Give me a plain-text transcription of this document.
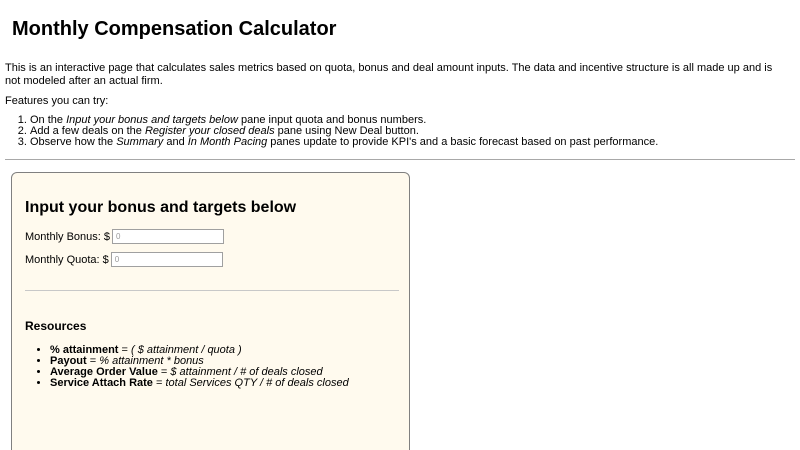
Monthly Compensation Calculator

This is an interactive page that calculates sales metrics based on quota, bonus and deal amount inputs. The data and incentive structure is all made up and is not modeled after an actual firm.

Features you can try:

1. On the Input your bonus and targets below pane input quota and bonus numbers.
2. Add a few deals on the Register your closed deals pane using New Deal button.
3. Observe how the Summary and In Month Pacing panes update to provide KPI's and a basic forecast based on past performance.
Input your bonus and targets below
Monthly Bonus: $
0
Monthly Quota: $
0
Resources
• % attainment = ( $ attainment / quota )
• Payout = % attainment * bonus
• Average Order Value = $ attainment / # of deals closed
• Service Attach Rate = total Services QTY / # of deals closed
